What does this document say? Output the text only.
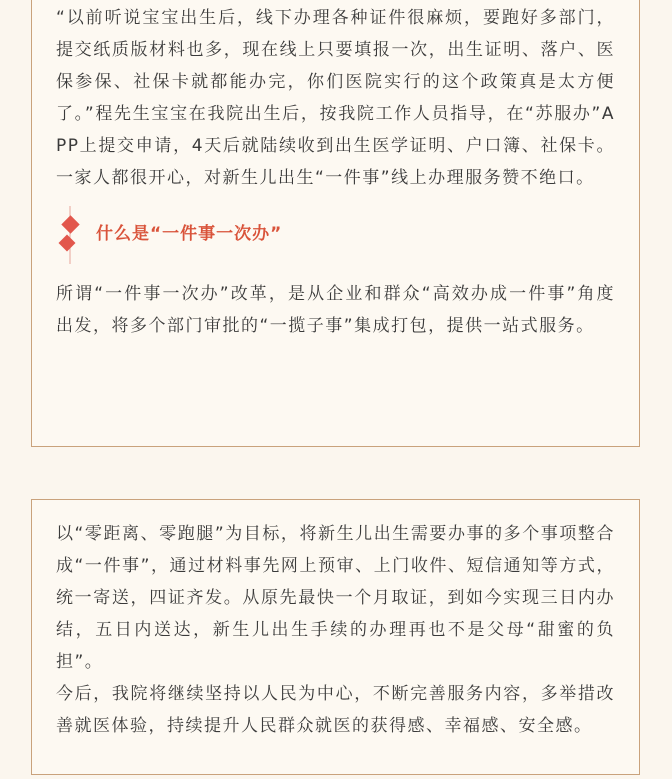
“以前听说宝宝出生后，线下办理各种证件很麻烦，要跑好多部门，提交纸质版材料也多，现在线上只要填报一次，出生证明、落户、医保参保、社保卡就都能办完，你们医院实行的这个政策真是太方便了。”程先生宝宝在我院出生后，按我院工作人员指导，在“苏服办”APP上提交申请，4天后就陆续收到出生医学证明、户口簿、社保卡。一家人都很开心，对新生儿出生“一件事”线上办理服务赞不绝口。

什么是“一件事一次办”

所谓“一件事一次办”改革，是从企业和群众“高效办成一件事”角度出发，将多个部门审批的“一揽子事”集成打包，提供一站式服务。

以“零距离、零跑腿”为目标，将新生儿出生需要办事的多个事项整合成“一件事”，通过材料事先网上预审、上门收件、短信通知等方式，统一寄送，四证齐发。从原先最快一个月取证，到如今实现三日内办结，五日内送达，新生儿出生手续的办理再也不是父母“甜蜜的负担”。

今后，我院将继续坚持以人民为中心，不断完善服务内容，多举措改善就医体验，持续提升人民群众就医的获得感、幸福感、安全感。
